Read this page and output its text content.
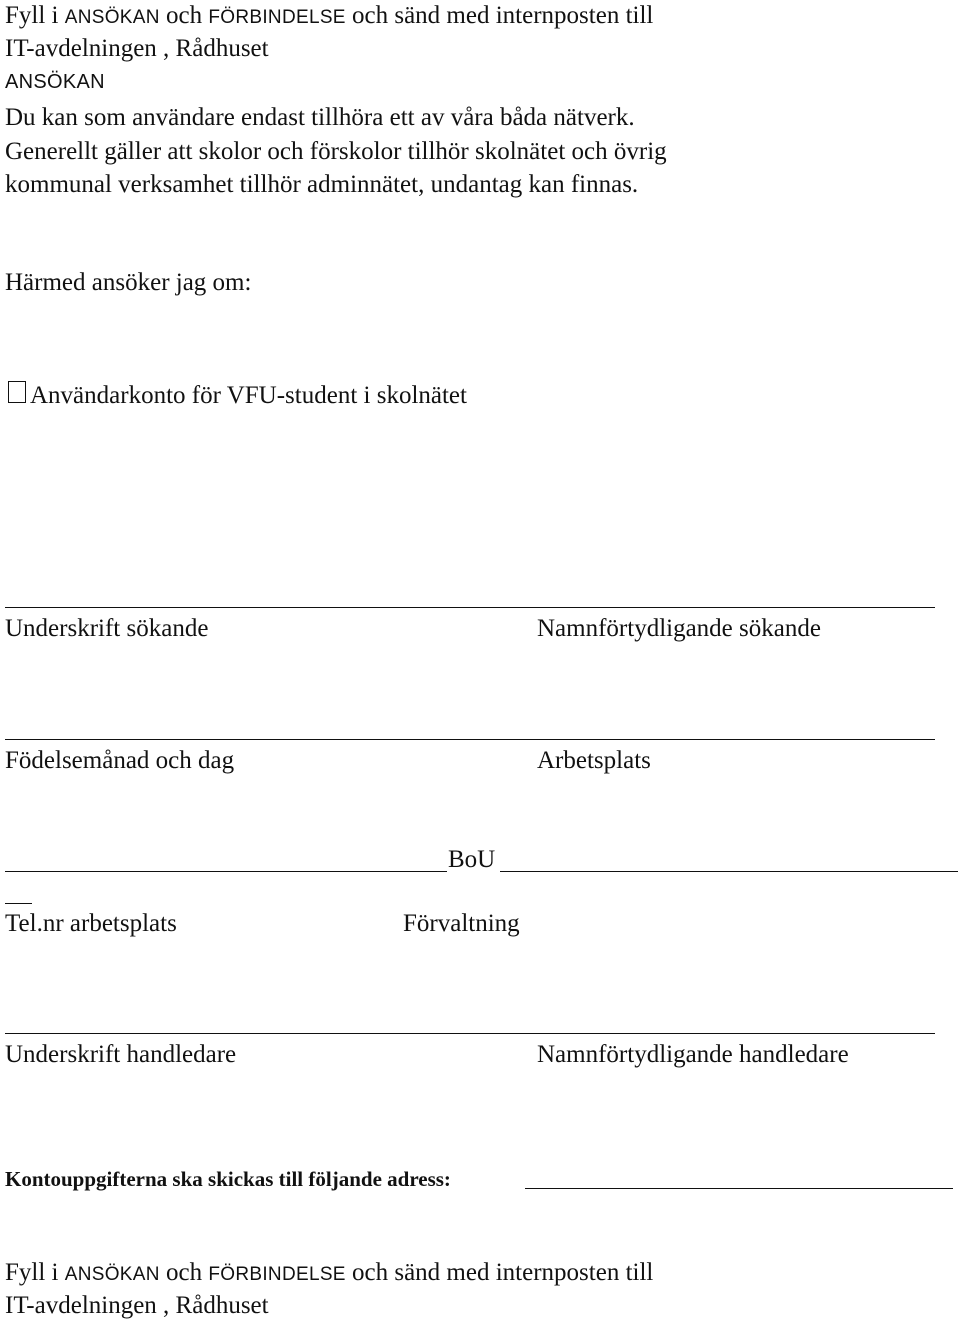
Fyll i ANSÖKAN och FÖRBINDELSE och sänd med internposten till
IT-avdelningen , Rådhuset
ANSÖKAN
Du kan som användare endast tillhöra ett av våra båda nätverk.
Generellt gäller att skolor och förskolor tillhör skolnätet och övrig
kommunal verksamhet tillhör adminnätet, undantag kan finnas.
Härmed ansöker jag om:
Användarkonto för VFU-student i skolnätet
Underskrift sökande	Namnförtydligande sökande
Födelsemånad och dag	Arbetsplats
BoU
Tel.nr arbetsplats	Förvaltning
Underskrift handledare	Namnförtydligande handledare
Kontouppgifterna ska skickas till följande adress:
Fyll i ANSÖKAN och FÖRBINDELSE och sänd med internposten till
IT-avdelningen , Rådhuset
